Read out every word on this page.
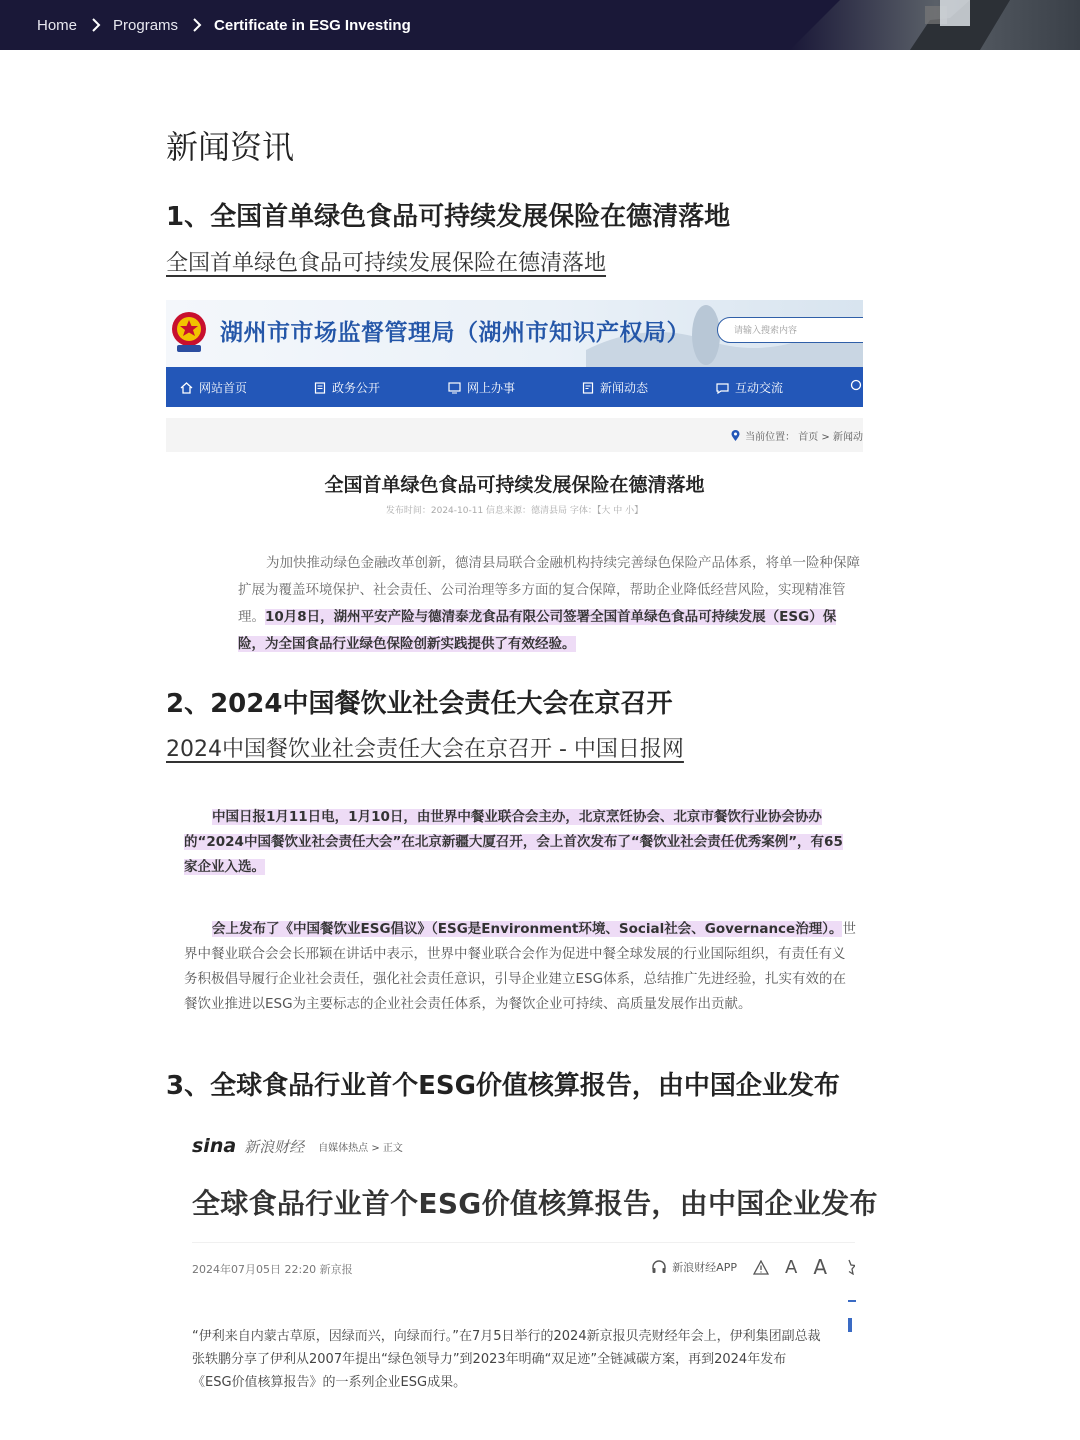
Home Programs Certificate in ESG Investing
新闻资讯
1、全国首单绿色食品可持续发展保险在德清落地
全国首单绿色食品可持续发展保险在德清落地
湖州市市场监督管理局（湖州市知识产权局）	请输入搜索内容
网站首页	政务公开	网上办事	新闻动态	互动交流
当前位置： 首页 > 新闻动
全国首单绿色食品可持续发展保险在德清落地
发布时间：2024-10-11 信息来源：德清县局 字体：【大 中 小】
为加快推动绿色金融改革创新，德清县局联合金融机构持续完善绿色保险产品体系，将单一险种保障扩展为覆盖环境保护、社会责任、公司治理等多方面的复合保障，帮助企业降低经营风险，实现精准管理。10月8日，湖州平安产险与德清泰龙食品有限公司签署全国首单绿色食品可持续发展（ESG）保险，为全国食品行业绿色保险创新实践提供了有效经验。
2、2024中国餐饮业社会责任大会在京召开
2024中国餐饮业社会责任大会在京召开 - 中国日报网
中国日报1月11日电，1月10日，由世界中餐业联合会主办，北京烹饪协会、北京市餐饮行业协会协办的“2024中国餐饮业社会责任大会”在北京新疆大厦召开，会上首次发布了“餐饮业社会责任优秀案例”，有65家企业入选。
会上发布了《中国餐饮业ESG倡议》（ESG是Environment环境、Social社会、Governance治理）。世界中餐业联合会会长邢颖在讲话中表示，世界中餐业联合会作为促进中餐全球发展的行业国际组织，有责任有义务积极倡导履行企业社会责任，强化社会责任意识，引导企业建立ESG体系，总结推广先进经验，扎实有效的在餐饮业推进以ESG为主要标志的企业社会责任体系，为餐饮企业可持续、高质量发展作出贡献。
3、全球食品行业首个ESG价值核算报告，由中国企业发布
sina 新浪财经 自媒体热点 > 正文
全球食品行业首个ESG价值核算报告，由中国企业发布
2024年07月05日 22:20 新京报	新浪财经APP	A A
“伊利来自内蒙古草原，因绿而兴，向绿而行。”在7月5日举行的2024新京报贝壳财经年会上，伊利集团副总裁张轶鹏分享了伊利从2007年提出“绿色领导力”到2023年明确“双足迹”全链减碳方案，再到2024年发布《ESG价值核算报告》的一系列企业ESG成果。
